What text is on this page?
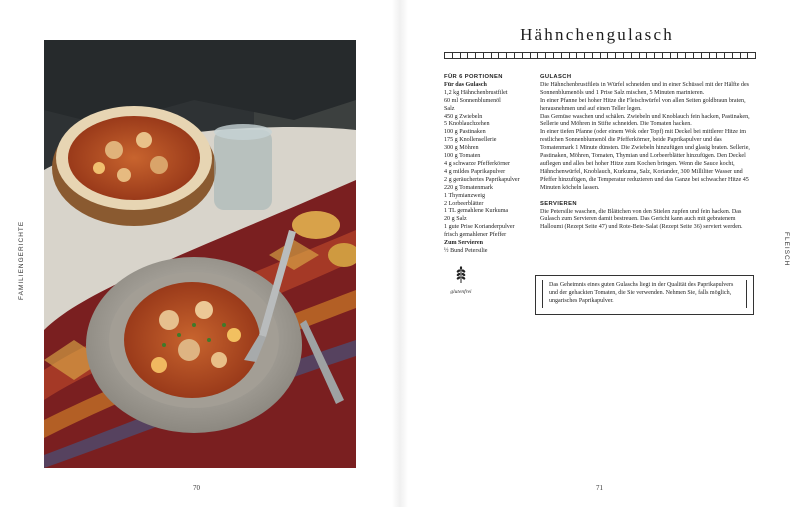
FAMILIENGERICHTE
70
Hähnchengulasch
FÜR 6 PORTIONEN
Für das Gulasch
1,2 kg Hähnchenbrustfilet
60 ml Sonnenblumenöl
Salz
450 g Zwiebeln
5 Knoblauchzehen
100 g Pastinaken
175 g Knollensellerie
300 g Möhren
100 g Tomaten
4 g schwarze Pfefferkörner
4 g mildes Paprikapulver
2 g geräuchertes Paprikapulver
220 g Tomatenmark
1 Thymianzweig
2 Lorbeerblätter
1 TL gemahlene Kurkuma
20 g Salz
1 gute Prise Korianderpulver
frisch gemahlener Pfeffer
Zum Servieren
½ Bund Petersilie
glutenfrei
GULASCH

Die Hähnchenbrustfilets in Würfel schneiden und in einer Schüssel mit der Hälfte des Sonnenblumenöls und 1 Prise Salz mischen, 5 Minuten marinieren.

In einer Pfanne bei hoher Hitze die Fleischwürfel von allen Seiten goldbraun braten, herausnehmen und auf einen Teller legen.

Das Gemüse waschen und schälen. Zwiebeln und Knoblauch fein hacken, Pastinaken, Sellerie und Möhren in Stifte schneiden. Die Tomaten hacken.

In einer tiefen Pfanne (oder einem Wok oder Topf) mit Deckel bei mittlerer Hitze im restlichen Sonnenblumenöl die Pfefferkörner, beide Paprikapulver und das Tomatenmark 1 Minute dünsten. Die Zwiebeln hinzufügen und glasig braten. Sellerie, Pastinaken, Möhren, Tomaten, Thymian und Lorbeerblätter hinzufügen. Den Deckel auflegen und alles bei hoher Hitze zum Kochen bringen. Wenn die Sauce kocht, Hähnchenwürfel, Knoblauch, Kurkuma, Salz, Koriander, 300 Milliliter Wasser und Pfeffer hinzufügen, die Temperatur reduzieren und das Ganze bei schwacher Hitze 45 Minuten köcheln lassen.

SERVIEREN

Die Petersilie waschen, die Blättchen von den Stielen zupfen und fein hacken. Das Gulasch zum Servieren damit bestreuen. Das Gericht kann auch mit gebratenem Halloumi (Rezept Seite 47) und Rote-Bete-Salat (Rezept Seite 36) serviert werden.

Das Geheimnis eines guten Gulaschs liegt in der Qualität des Paprikapulvers und der gehackten Tomaten, die Sie verwenden. Nehmen Sie, falls möglich, ungarisches Paprikapulver.
FLEISCH
71
